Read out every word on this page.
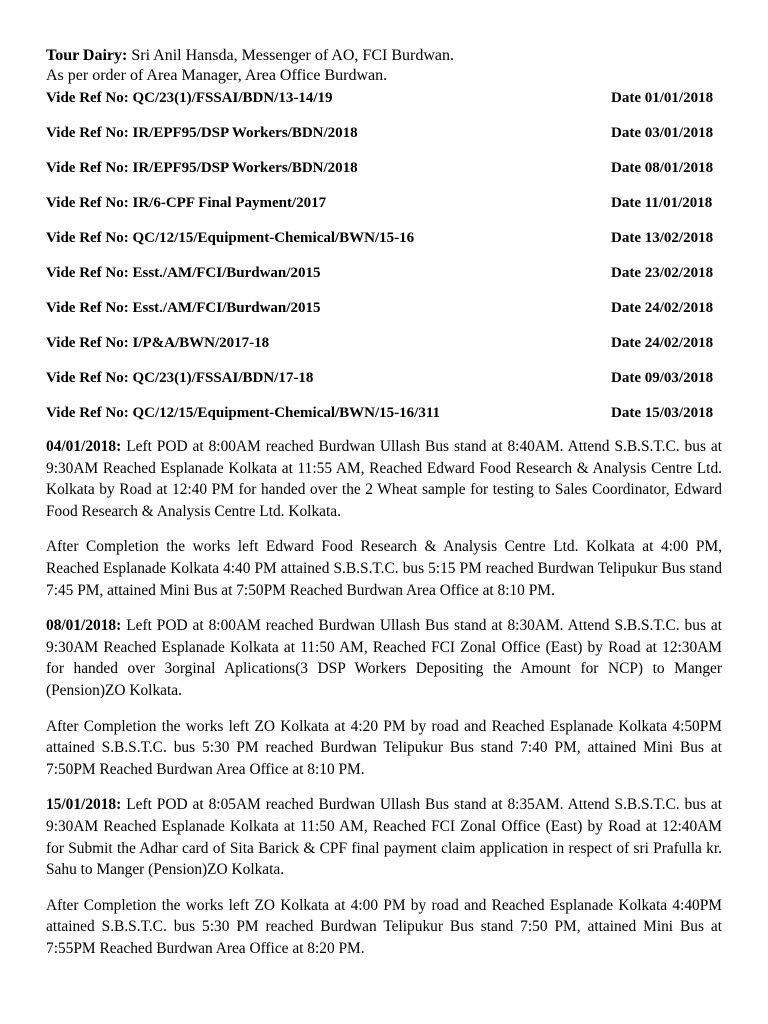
Tour Dairy: Sri Anil Hansda, Messenger of AO, FCI Burdwan.
As per order of Area Manager, Area Office Burdwan.
Vide Ref No: QC/23(1)/FSSAI/BDN/13-14/19	Date 01/01/2018
Vide Ref No: IR/EPF95/DSP Workers/BDN/2018	Date 03/01/2018
Vide Ref No: IR/EPF95/DSP Workers/BDN/2018	Date 08/01/2018
Vide Ref No: IR/6-CPF Final Payment/2017	Date 11/01/2018
Vide Ref No: QC/12/15/Equipment-Chemical/BWN/15-16	Date 13/02/2018
Vide Ref No: Esst./AM/FCI/Burdwan/2015	Date 23/02/2018
Vide Ref No: Esst./AM/FCI/Burdwan/2015	Date 24/02/2018
Vide Ref No: I/P&A/BWN/2017-18	Date 24/02/2018
Vide Ref No: QC/23(1)/FSSAI/BDN/17-18	Date 09/03/2018
Vide Ref No: QC/12/15/Equipment-Chemical/BWN/15-16/311	Date 15/03/2018

04/01/2018: Left POD at 8:00AM reached Burdwan Ullash Bus stand at 8:40AM. Attend S.B.S.T.C. bus at 9:30AM Reached Esplanade Kolkata at 11:55 AM, Reached Edward Food Research & Analysis Centre Ltd. Kolkata by Road at 12:40 PM for handed over the 2 Wheat sample for testing to Sales Coordinator, Edward Food Research & Analysis Centre Ltd. Kolkata.

After Completion the works left Edward Food Research & Analysis Centre Ltd. Kolkata at 4:00 PM, Reached Esplanade Kolkata 4:40 PM attained S.B.S.T.C. bus 5:15 PM reached Burdwan Telipukur Bus stand 7:45 PM, attained Mini Bus at 7:50PM Reached Burdwan Area Office at 8:10 PM.

08/01/2018: Left POD at 8:00AM reached Burdwan Ullash Bus stand at 8:30AM. Attend S.B.S.T.C. bus at 9:30AM Reached Esplanade Kolkata at 11:50 AM, Reached FCI Zonal Office (East) by Road at 12:30AM for handed over 3orginal Aplications(3 DSP Workers Depositing the Amount for NCP) to Manger (Pension)ZO Kolkata.

After Completion the works left ZO Kolkata at 4:20 PM by road and Reached Esplanade Kolkata 4:50PM attained S.B.S.T.C. bus 5:30 PM reached Burdwan Telipukur Bus stand 7:40 PM, attained Mini Bus at 7:50PM Reached Burdwan Area Office at 8:10 PM.

15/01/2018: Left POD at 8:05AM reached Burdwan Ullash Bus stand at 8:35AM. Attend S.B.S.T.C. bus at 9:30AM Reached Esplanade Kolkata at 11:50 AM, Reached FCI Zonal Office (East) by Road at 12:40AM for Submit the Adhar card of Sita Barick & CPF final payment claim application in respect of sri Prafulla kr. Sahu to Manger (Pension)ZO Kolkata.

After Completion the works left ZO Kolkata at 4:00 PM by road and Reached Esplanade Kolkata 4:40PM attained S.B.S.T.C. bus 5:30 PM reached Burdwan Telipukur Bus stand 7:50 PM, attained Mini Bus at 7:55PM Reached Burdwan Area Office at 8:20 PM.
